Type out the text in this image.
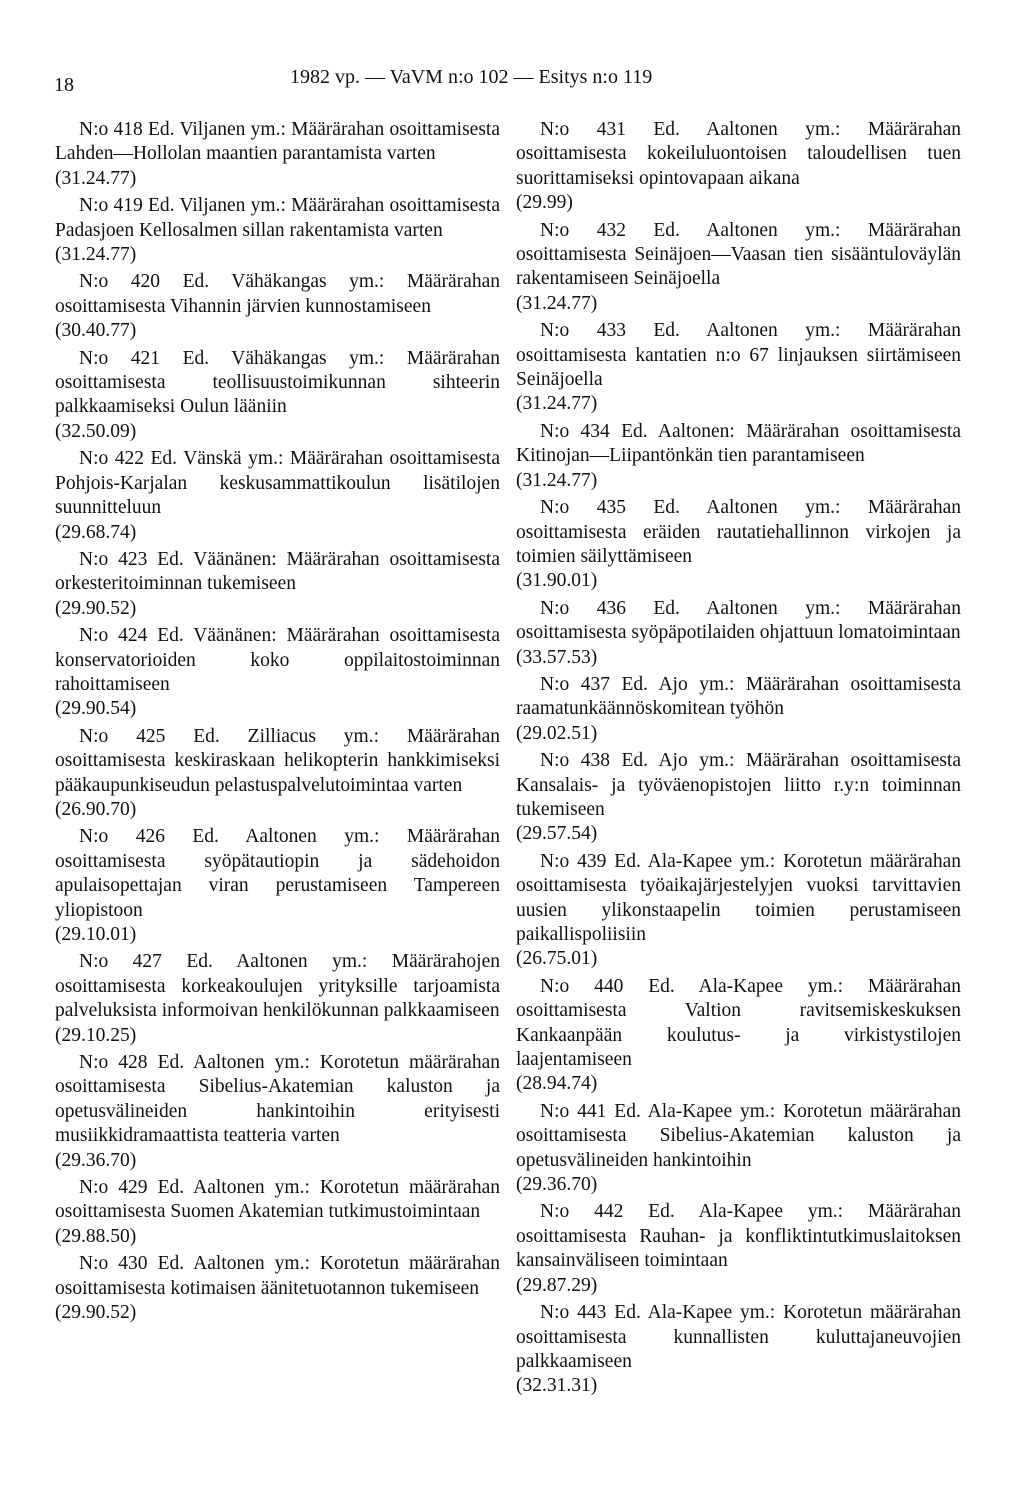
18	1982 vp. — VaVM n:o 102 — Esitys n:o 119
N:o 418 Ed. Viljanen ym.: Määrärahan osoittamisesta Lahden—Hollolan maantien parantamista varten
(31.24.77)
N:o 419 Ed. Viljanen ym.: Määrärahan osoittamisesta Padasjoen Kellosalmen sillan rakentamista varten
(31.24.77)
N:o 420 Ed. Vähäkangas ym.: Määrärahan osoittamisesta Vihannin järvien kunnostamiseen
(30.40.77)
N:o 421 Ed. Vähäkangas ym.: Määrärahan osoittamisesta teollisuustoimikunnan sihteerin palkkaamiseksi Oulun lääniin
(32.50.09)
N:o 422 Ed. Vänskä ym.: Määrärahan osoittamisesta Pohjois-Karjalan keskusammattikoulun lisätilojen suunnitteluun
(29.68.74)
N:o 423 Ed. Väänänen: Määrärahan osoittamisesta orkesteritoiminnan tukemiseen
(29.90.52)
N:o 424 Ed. Väänänen: Määrärahan osoittamisesta konservatorioiden koko oppilaitostoiminnan rahoittamiseen
(29.90.54)
N:o 425 Ed. Zilliacus ym.: Määrärahan osoittamisesta keskiraskaan helikopterin hankkimiseksi pääkaupunkiseudun pelastuspalvelutoimintaa varten
(26.90.70)
N:o 426 Ed. Aaltonen ym.: Määrärahan osoittamisesta syöpätautiopin ja sädehoidon apulaisopettajan viran perustamiseen Tampereen yliopistoon
(29.10.01)
N:o 427 Ed. Aaltonen ym.: Määrärahojen osoittamisesta korkeakoulujen yrityksille tarjoamista palveluksista informoivan henkilökunnan palkkaamiseen
(29.10.25)
N:o 428 Ed. Aaltonen ym.: Korotetun määrärahan osoittamisesta Sibelius-Akatemian kaluston ja opetusvälineiden hankintoihin erityisesti musiikkidramaattista teatteria varten
(29.36.70)
N:o 429 Ed. Aaltonen ym.: Korotetun määrärahan osoittamisesta Suomen Akatemian tutkimustoimintaan
(29.88.50)
N:o 430 Ed. Aaltonen ym.: Korotetun määrärahan osoittamisesta kotimaisen äänitetuotannon tukemiseen
(29.90.52)
N:o 431 Ed. Aaltonen ym.: Määrärahan osoittamisesta kokeiluluontoisen taloudellisen tuen suorittamiseksi opintovapaan aikana
(29.99)
N:o 432 Ed. Aaltonen ym.: Määrärahan osoittamisesta Seinäjoen—Vaasan tien sisääntuloväylän rakentamiseen Seinäjoella
(31.24.77)
N:o 433 Ed. Aaltonen ym.: Määrärahan osoittamisesta kantatien n:o 67 linjauksen siirtämiseen Seinäjoella
(31.24.77)
N:o 434 Ed. Aaltonen: Määrärahan osoittamisesta Kitinojan—Liipantönkän tien parantamiseen
(31.24.77)
N:o 435 Ed. Aaltonen ym.: Määrärahan osoittamisesta eräiden rautatiehallinnon virkojen ja toimien säilyttämiseen
(31.90.01)
N:o 436 Ed. Aaltonen ym.: Määrärahan osoittamisesta syöpäpotilaiden ohjattuun lomatoimintaan
(33.57.53)
N:o 437 Ed. Ajo ym.: Määrärahan osoittamisesta raamatunkäännöskomitean työhön
(29.02.51)
N:o 438 Ed. Ajo ym.: Määrärahan osoittamisesta Kansalais- ja työväenopistojen liitto r.y:n toiminnan tukemiseen
(29.57.54)
N:o 439 Ed. Ala-Kapee ym.: Korotetun määrärahan osoittamisesta työaikajärjestelyjen vuoksi tarvittavien uusien ylikonstaapelin toimien perustamiseen paikallispoliisiin
(26.75.01)
N:o 440 Ed. Ala-Kapee ym.: Määrärahan osoittamisesta Valtion ravitsemiskeskuksen Kankaanpään koulutus- ja virkistystilojen laajentamiseen
(28.94.74)
N:o 441 Ed. Ala-Kapee ym.: Korotetun määrärahan osoittamisesta Sibelius-Akatemian kaluston ja opetusvälineiden hankintoihin
(29.36.70)
N:o 442 Ed. Ala-Kapee ym.: Määrärahan osoittamisesta Rauhan- ja konfliktintutkimuslaitoksen kansainväliseen toimintaan
(29.87.29)
N:o 443 Ed. Ala-Kapee ym.: Korotetun määrärahan osoittamisesta kunnallisten kuluttajaneuvojien palkkaamiseen
(32.31.31)
